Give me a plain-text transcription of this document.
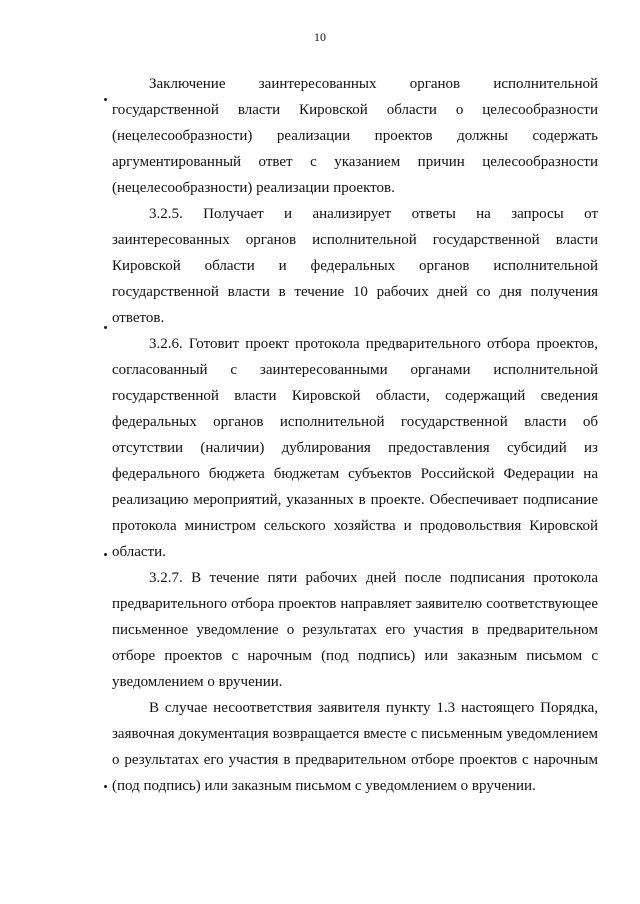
10

Заключение заинтересованных органов исполнительной государственной власти Кировской области о целесообразности (нецелесообразности) реализации проектов должны содержать аргументированный ответ с указанием причин целесообразности (нецелесообразности) реализации проектов.

3.2.5. Получает и анализирует ответы на запросы от заинтересованных органов исполнительной государственной власти Кировской области и федеральных органов исполнительной государственной власти в течение 10 рабочих дней со дня получения ответов.

3.2.6. Готовит проект протокола предварительного отбора проектов, согласованный с заинтересованными органами исполнительной государственной власти Кировской области, содержащий сведения федеральных органов исполнительной государственной власти об отсутствии (наличии) дублирования предоставления субсидий из федерального бюджета бюджетам субъектов Российской Федерации на реализацию мероприятий, указанных в проекте. Обеспечивает подписание протокола министром сельского хозяйства и продовольствия Кировской области.

3.2.7. В течение пяти рабочих дней после подписания протокола предварительного отбора проектов направляет заявителю соответствующее письменное уведомление о результатах его участия в предварительном отборе проектов с нарочным (под подпись) или заказным письмом с уведомлением о вручении.

В случае несоответствия заявителя пункту 1.3 настоящего Порядка, заявочная документация возвращается вместе с письменным уведомлением о результатах его участия в предварительном отборе проектов с нарочным (под подпись) или заказным письмом с уведомлением о вручении.
